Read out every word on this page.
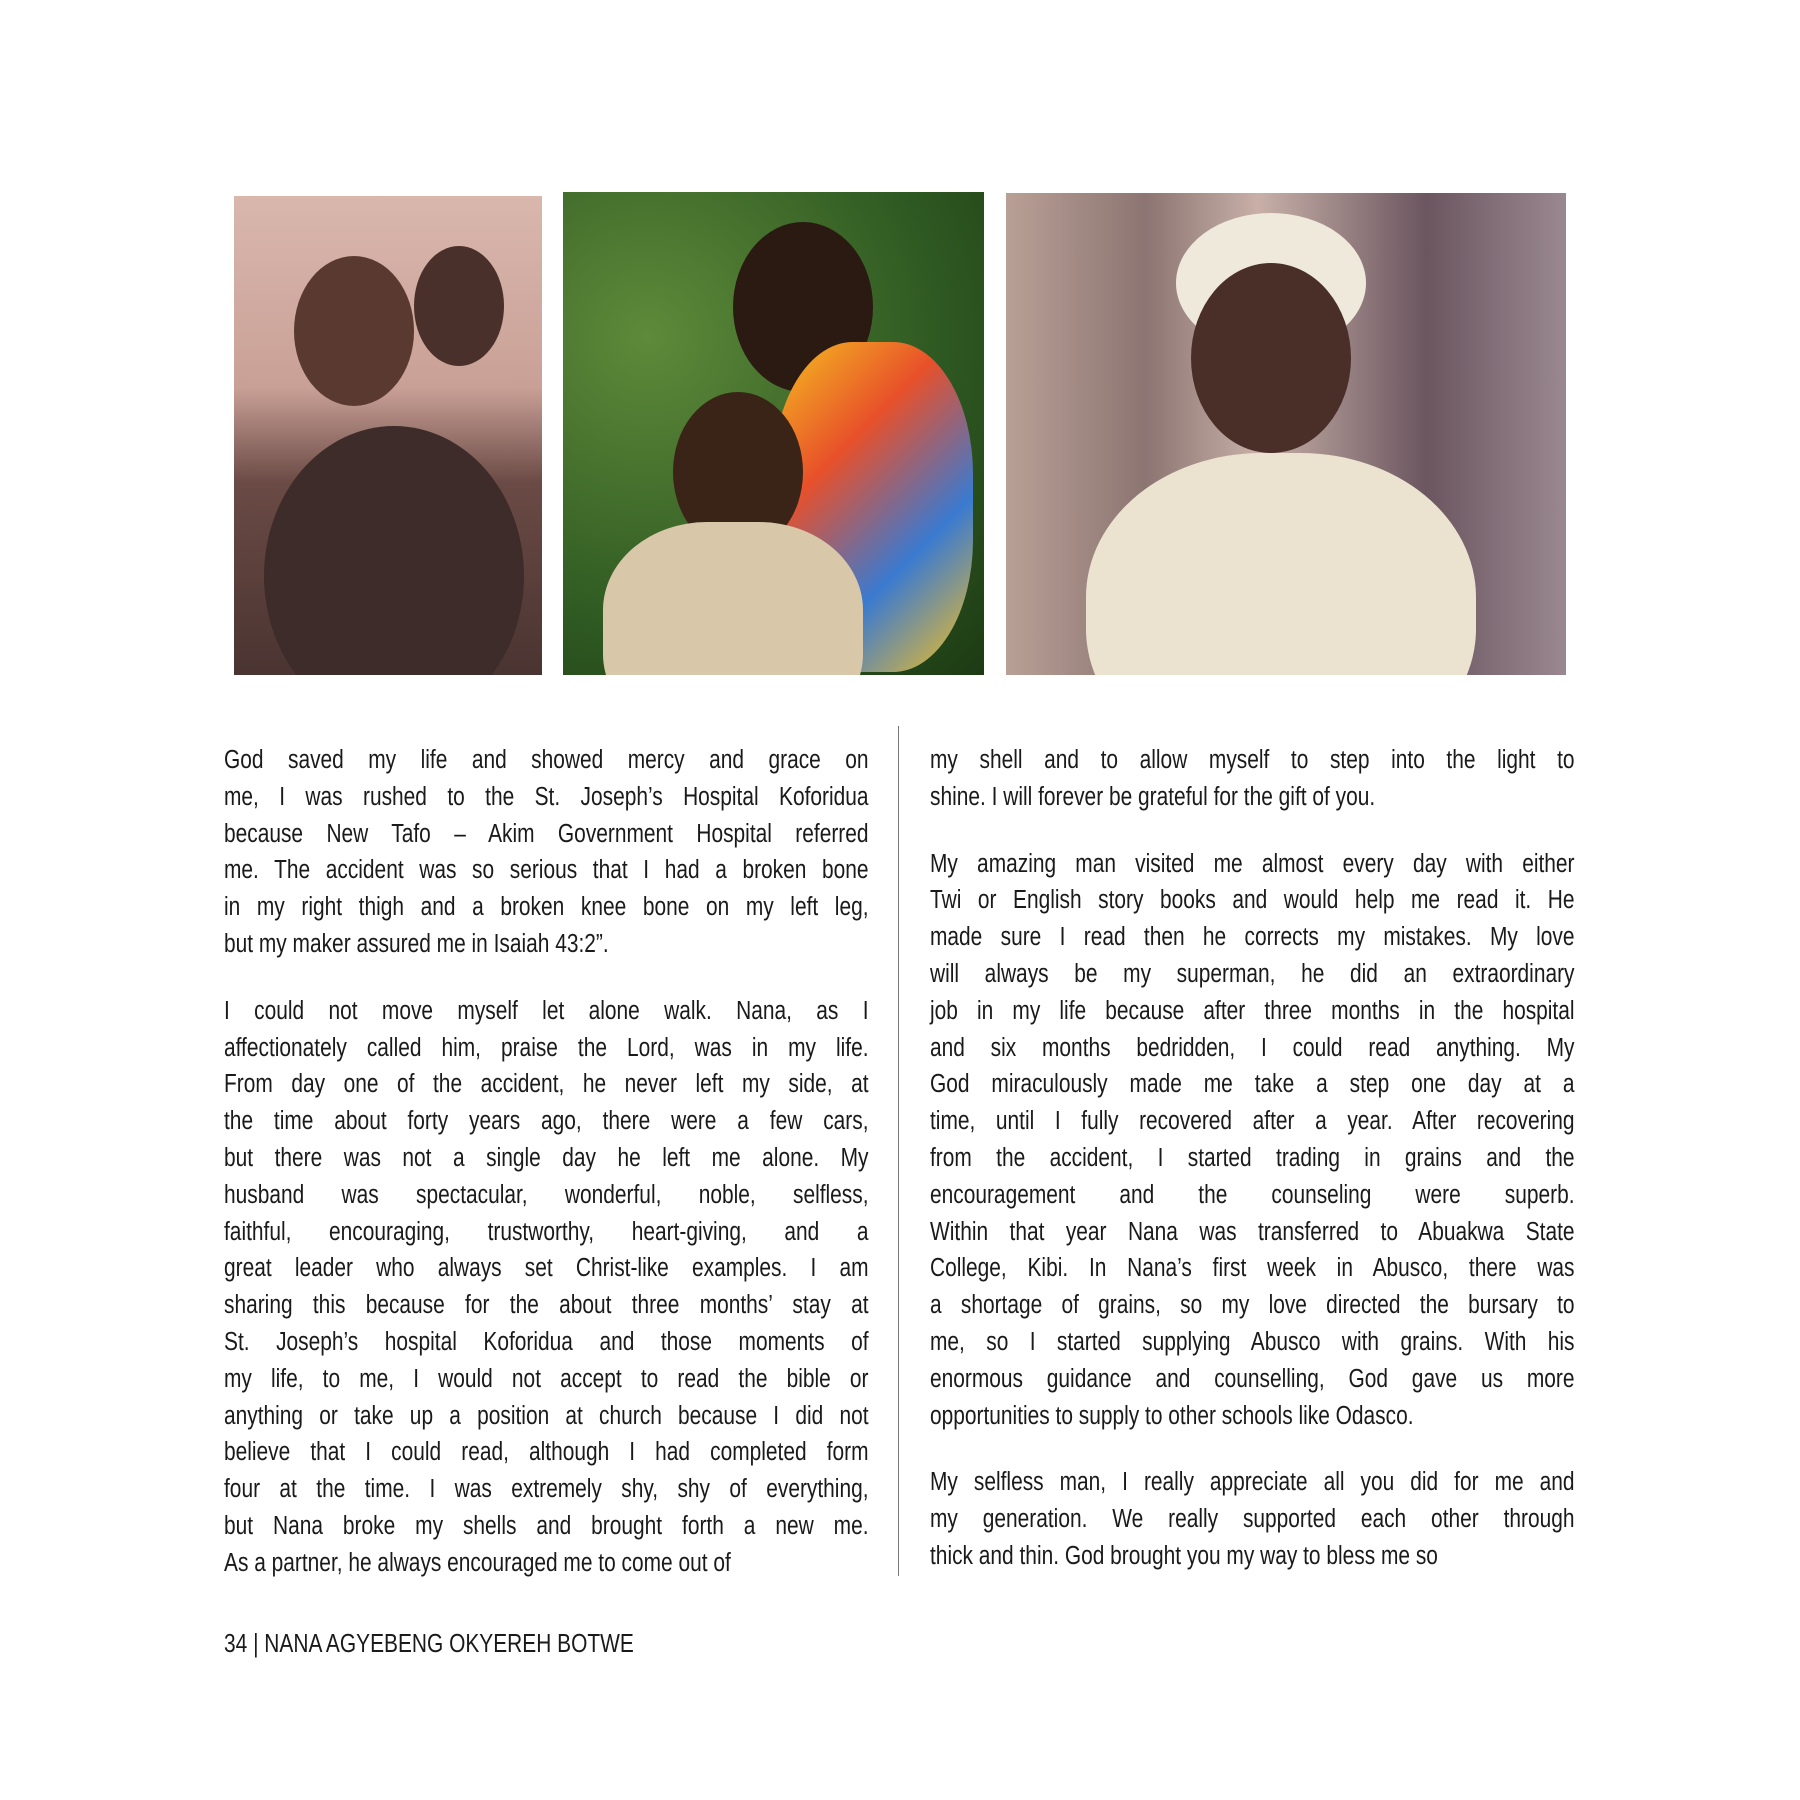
God saved my life and showed mercy and grace on
me, I was rushed to the St. Joseph’s Hospital Koforidua
because New Tafo – Akim Government Hospital referred
me. The accident was so serious that I had a broken bone
in my right thigh and a broken knee bone on my left leg,
but my maker assured me in Isaiah 43:2”.
I could not move myself let alone walk. Nana, as I
affectionately called him, praise the Lord, was in my life.
From day one of the accident, he never left my side, at
the time about forty years ago, there were a few cars,
but there was not a single day he left me alone. My
husband was spectacular, wonderful, noble, selfless,
faithful, encouraging, trustworthy, heart-giving, and a
great leader who always set Christ-like examples. I am
sharing this because for the about three months’ stay at
St. Joseph’s hospital Koforidua and those moments of
my life, to me, I would not accept to read the bible or
anything or take up a position at church because I did not
believe that I could read, although I had completed form
four at the time. I was extremely shy, shy of everything,
but Nana broke my shells and brought forth a new me.
As a partner, he always encouraged me to come out of
my shell and to allow myself to step into the light to
shine. I will forever be grateful for the gift of you.
My amazing man visited me almost every day with either
Twi or English story books and would help me read it. He
made sure I read then he corrects my mistakes. My love
will always be my superman, he did an extraordinary
job in my life because after three months in the hospital
and six months bedridden, I could read anything. My
God miraculously made me take a step one day at a
time, until I fully recovered after a year. After recovering
from the accident, I started trading in grains and the
encouragement and the counseling were superb.
Within that year Nana was transferred to Abuakwa State
College, Kibi. In Nana’s first week in Abusco, there was
a shortage of grains, so my love directed the bursary to
me, so I started supplying Abusco with grains. With his
enormous guidance and counselling, God gave us more
opportunities to supply to other schools like Odasco.
My selfless man, I really appreciate all you did for me and
my generation. We really supported each other through
thick and thin. God brought you my way to bless me so
34 | NANA AGYEBENG OKYEREH BOTWE
